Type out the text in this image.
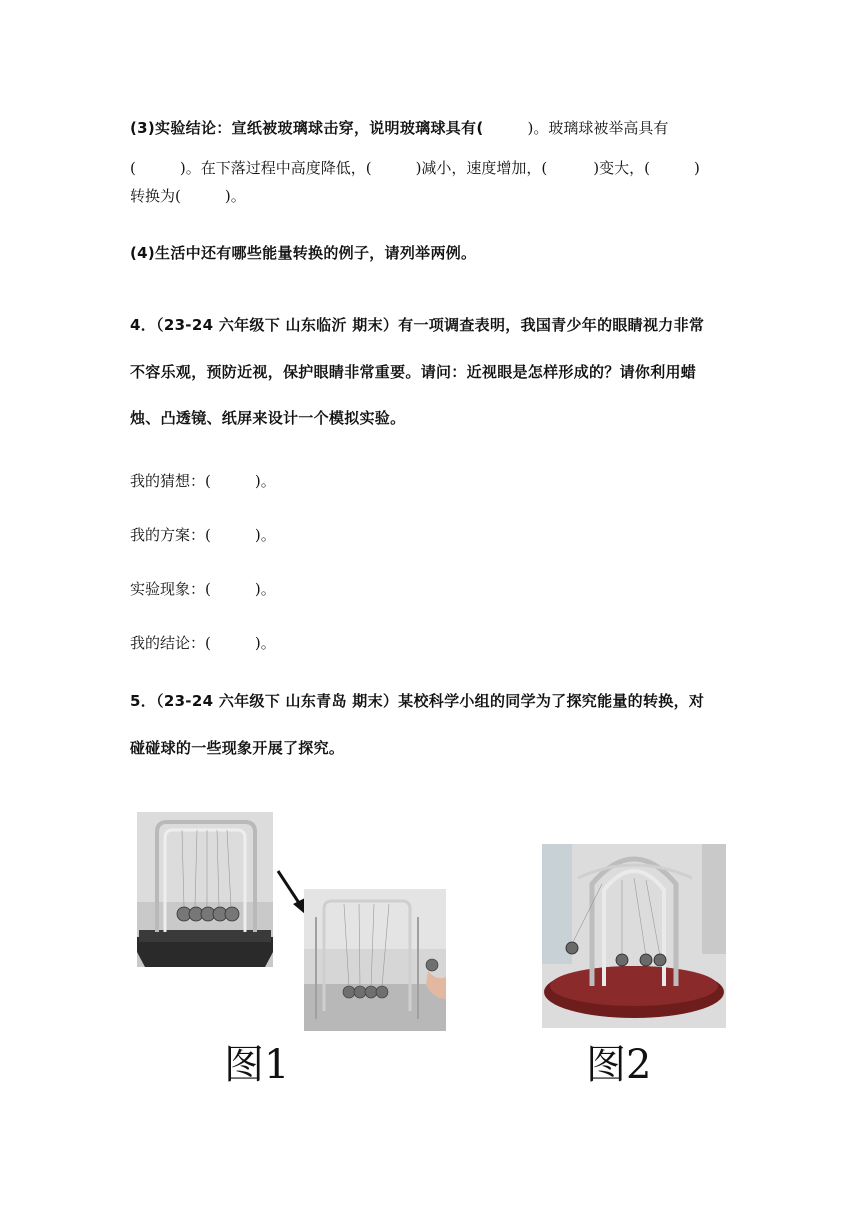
(3)实验结论：宣纸被玻璃球击穿，说明玻璃球具有(	)。玻璃球被举高具有
(	)。在下落过程中高度降低，(	)减小，速度增加，(	)变大，(	)
转换为(	)。
(4)生活中还有哪些能量转换的例子，请列举两例。
4．（23-24 六年级下 山东临沂 期末）有一项调查表明，我国青少年的眼睛视力非常
不容乐观，预防近视，保护眼睛非常重要。请问：近视眼是怎样形成的？请你利用蜡
烛、凸透镜、纸屏来设计一个模拟实验。
我的猜想：(	)。
我的方案：(	)。
实验现象：(	)。
我的结论：(	)。
5．（23-24 六年级下 山东青岛 期末）某校科学小组的同学为了探究能量的转换，对
碰碰球的一些现象开展了探究。
图1	图2
